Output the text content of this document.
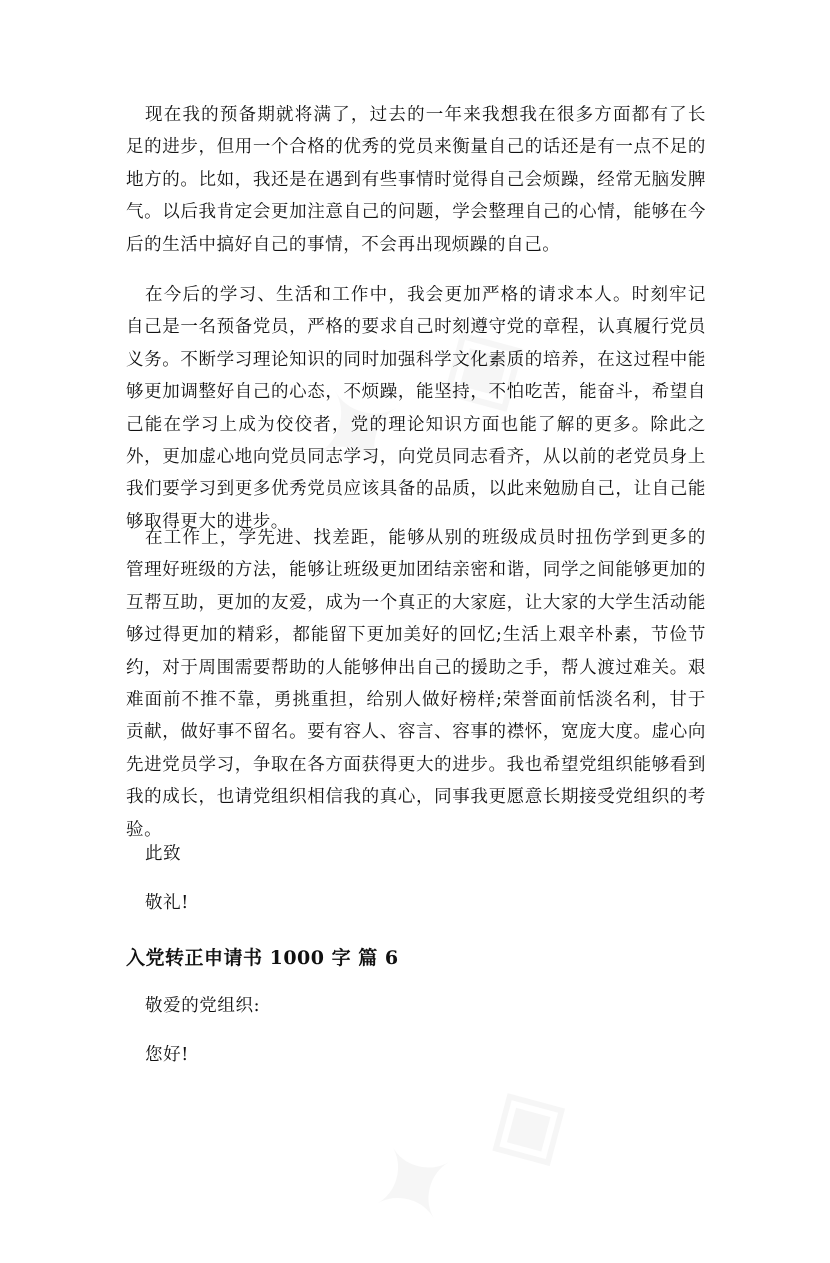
现在我的预备期就将满了，过去的一年来我想我在很多方面都有了长足的进步，但用一个合格的优秀的党员来衡量自己的话还是有一点不足的地方的。比如，我还是在遇到有些事情时觉得自己会烦躁，经常无脑发脾气。以后我肯定会更加注意自己的问题，学会整理自己的心情，能够在今后的生活中搞好自己的事情，不会再出现烦躁的自己。

在今后的学习、生活和工作中，我会更加严格的请求本人。时刻牢记自己是一名预备党员，严格的要求自己时刻遵守党的章程，认真履行党员义务。不断学习理论知识的同时加强科学文化素质的培养，在这过程中能够更加调整好自己的心态，不烦躁，能坚持，不怕吃苦，能奋斗，希望自己能在学习上成为佼佼者，党的理论知识方面也能了解的更多。除此之外，更加虚心地向党员同志学习，向党员同志看齐，从以前的老党员身上我们要学习到更多优秀党员应该具备的品质，以此来勉励自己，让自己能够取得更大的进步。

在工作上，学先进、找差距，能够从别的班级成员时扭伤学到更多的管理好班级的方法，能够让班级更加团结亲密和谐，同学之间能够更加的互帮互助，更加的友爱，成为一个真正的大家庭，让大家的大学生活动能够过得更加的精彩，都能留下更加美好的回忆;生活上艰辛朴素，节俭节约，对于周围需要帮助的人能够伸出自己的援助之手，帮人渡过难关。艰难面前不推不靠，勇挑重担，给别人做好榜样;荣誉面前恬淡名利，甘于贡献，做好事不留名。要有容人、容言、容事的襟怀，宽庞大度。虚心向先进党员学习，争取在各方面获得更大的进步。我也希望党组织能够看到我的成长，也请党组织相信我的真心，同事我更愿意长期接受党组织的考验。

此致

敬礼!

入党转正申请书 1000 字 篇 6

敬爱的党组织:

您好!
